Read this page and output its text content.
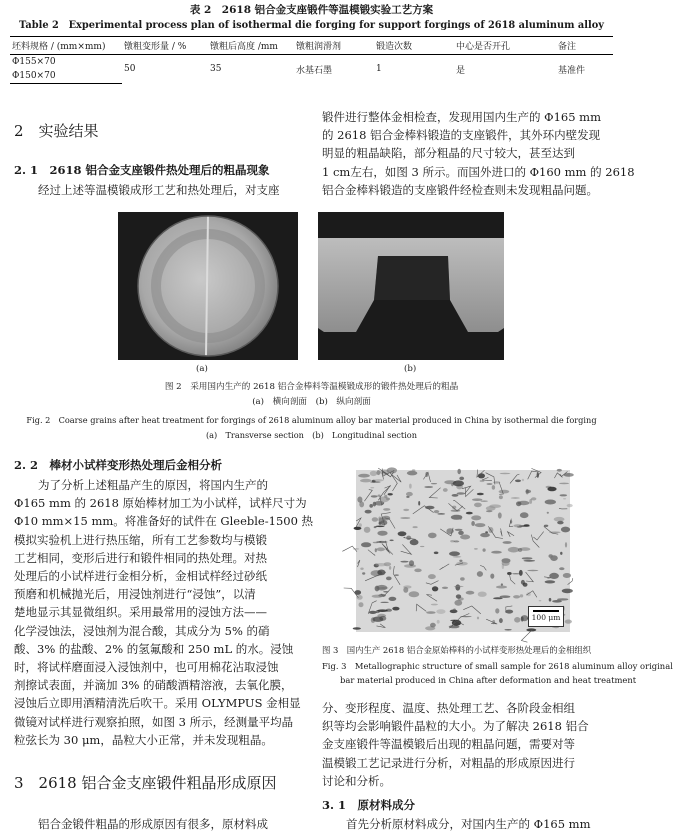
表 2　2618 铝合金支座锻件等温模锻实验工艺方案
Table 2　Experimental process plan of isothermal die forging for support forgings of 2618 aluminum alloy
坯料规格 / (mm×mm)	镦粗变形量 / %	镦粗后高度 /mm	镦粗润滑剂	锻造次数	中心是否开孔	备注
Φ155×70	50	35	水基石墨	1	是	基准件
Φ150×70						
2　实验结果
2. 1　2618 铝合金支座锻件热处理后的粗晶现象
经过上述等温模锻成形工艺和热处理后，对支座
锻件进行整体金相检查，发现用国内生产的 Φ165 mm
的 2618 铝合金棒料锻造的支座锻件，其外环内壁发现
明显的粗晶缺陷，部分粗晶的尺寸较大，甚至达到
1 cm左右，如图 3 所示。而国外进口的 Φ160 mm 的 2618
铝合金棒料锻造的支座锻件经检查则未发现粗晶问题。
(a)	(b)
图 2　采用国内生产的 2618 铝合金棒料等温模锻成形的锻件热处理后的粗晶
(a)　横向剖面　(b)　纵向剖面
Fig. 2　Coarse grains after heat treatment for forgings of 2618 aluminum alloy bar material produced in China by isothermal die forging
(a)　Transverse section　(b)　Longitudinal section
2. 2　棒材小试样变形热处理后金相分析
为了分析上述粗晶产生的原因，将国内生产的
Φ165 mm 的 2618 原始棒材加工为小试样，试样尺寸为
Φ10 mm×15 mm。将准备好的试件在 Gleeble-1500 热
模拟实验机上进行热压缩，所有工艺参数均与模锻
工艺相同，变形后进行和锻件相同的热处理。对热
处理后的小试样进行金相分析，金相试样经过砂纸
预磨和机械抛光后，用浸蚀剂进行“浸蚀”，以清
楚地显示其显微组织。采用最常用的浸蚀方法——
化学浸蚀法，浸蚀剂为混合酸，其成分为 5% 的硝
酸、3% 的盐酸、2% 的氢氟酸和 250 mL 的水。浸蚀
时，将试样磨面浸入浸蚀剂中，也可用棉花沾取浸蚀
剂擦试表面，并滴加 3% 的硝酸酒精溶液，去氧化膜，
浸蚀后立即用酒精清洗后吹干。采用 OLYMPUS 金相显
微镜对试样进行观察拍照，如图 3 所示，经测量平均晶
粒弦长为 30 μm，晶粒大小正常，并未发现粗晶。
100 μm
图 3　国内生产 2618 铝合金原始棒料的小试样变形热处理后的金相组织
Fig. 3　Metallographic structure of small sample for 2618 aluminum alloy original
bar material produced in China after deformation and heat treatment
分、变形程度、温度、热处理工艺、各阶段金相组
织等均会影响锻件晶粒的大小。为了解决 2618 铝合
金支座锻件等温模锻后出现的粗晶问题，需要对等
温模锻工艺记录进行分析，对粗晶的形成原因进行
讨论和分析。
3. 1　原材料成分
首先分析原材料成分，对国内生产的 Φ165 mm
3　2618 铝合金支座锻件粗晶形成原因
铝合金锻件粗晶的形成原因有很多，原材料成
